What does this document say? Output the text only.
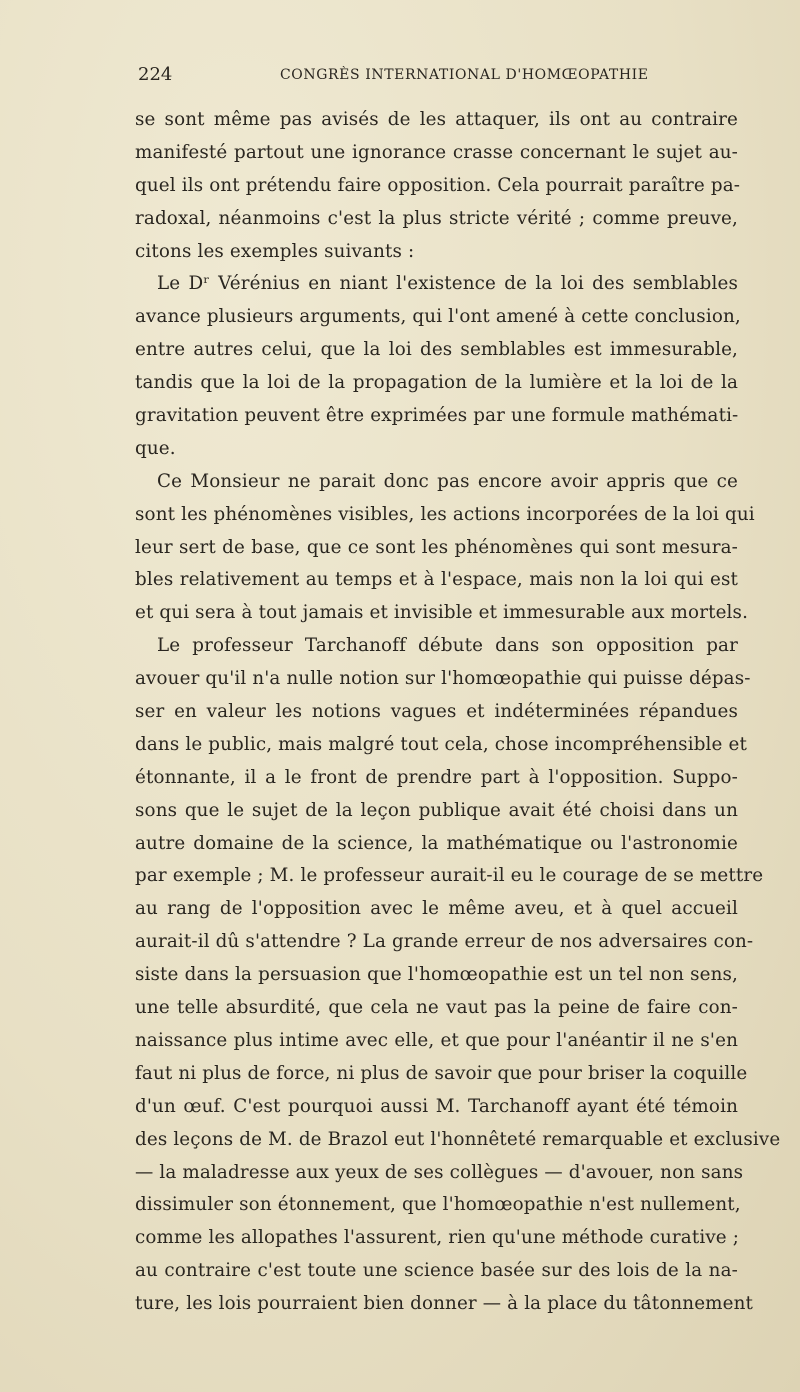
224	CONGRÈS INTERNATIONAL D'HOMŒOPATHIE
se sont même pas avisés de les attaquer, ils ont au contraire
manifesté partout une ignorance crasse concernant le sujet au-
quel ils ont prétendu faire opposition. Cela pourrait paraître pa-
radoxal, néanmoins c'est la plus stricte vérité ; comme preuve,
citons les exemples suivants :
Le Dʳ Vérénius en niant l'existence de la loi des semblables
avance plusieurs arguments, qui l'ont amené à cette conclusion,
entre autres celui, que la loi des semblables est immesurable,
tandis que la loi de la propagation de la lumière et la loi de la
gravitation peuvent être exprimées par une formule mathémati-
que.
Ce Monsieur ne parait donc pas encore avoir appris que ce
sont les phénomènes visibles, les actions incorporées de la loi qui
leur sert de base, que ce sont les phénomènes qui sont mesura-
bles relativement au temps et à l'espace, mais non la loi qui est
et qui sera à tout jamais et invisible et immesurable aux mortels.
Le professeur Tarchanoff débute dans son opposition par
avouer qu'il n'a nulle notion sur l'homœopathie qui puisse dépas-
ser en valeur les notions vagues et indéterminées répandues
dans le public, mais malgré tout cela, chose incompréhensible et
étonnante, il a le front de prendre part à l'opposition. Suppo-
sons que le sujet de la leçon publique avait été choisi dans un
autre domaine de la science, la mathématique ou l'astronomie
par exemple ; M. le professeur aurait-il eu le courage de se mettre
au rang de l'opposition avec le même aveu, et à quel accueil
aurait-il dû s'attendre ? La grande erreur de nos adversaires con-
siste dans la persuasion que l'homœopathie est un tel non sens,
une telle absurdité, que cela ne vaut pas la peine de faire con-
naissance plus intime avec elle, et que pour l'anéantir il ne s'en
faut ni plus de force, ni plus de savoir que pour briser la coquille
d'un œuf. C'est pourquoi aussi M. Tarchanoff ayant été témoin
des leçons de M. de Brazol eut l'honnêteté remarquable et exclusive
— la maladresse aux yeux de ses collègues — d'avouer, non sans
dissimuler son étonnement, que l'homœopathie n'est nullement,
comme les allopathes l'assurent, rien qu'une méthode curative ;
au contraire c'est toute une science basée sur des lois de la na-
ture, les lois pourraient bien donner — à la place du tâtonnement
